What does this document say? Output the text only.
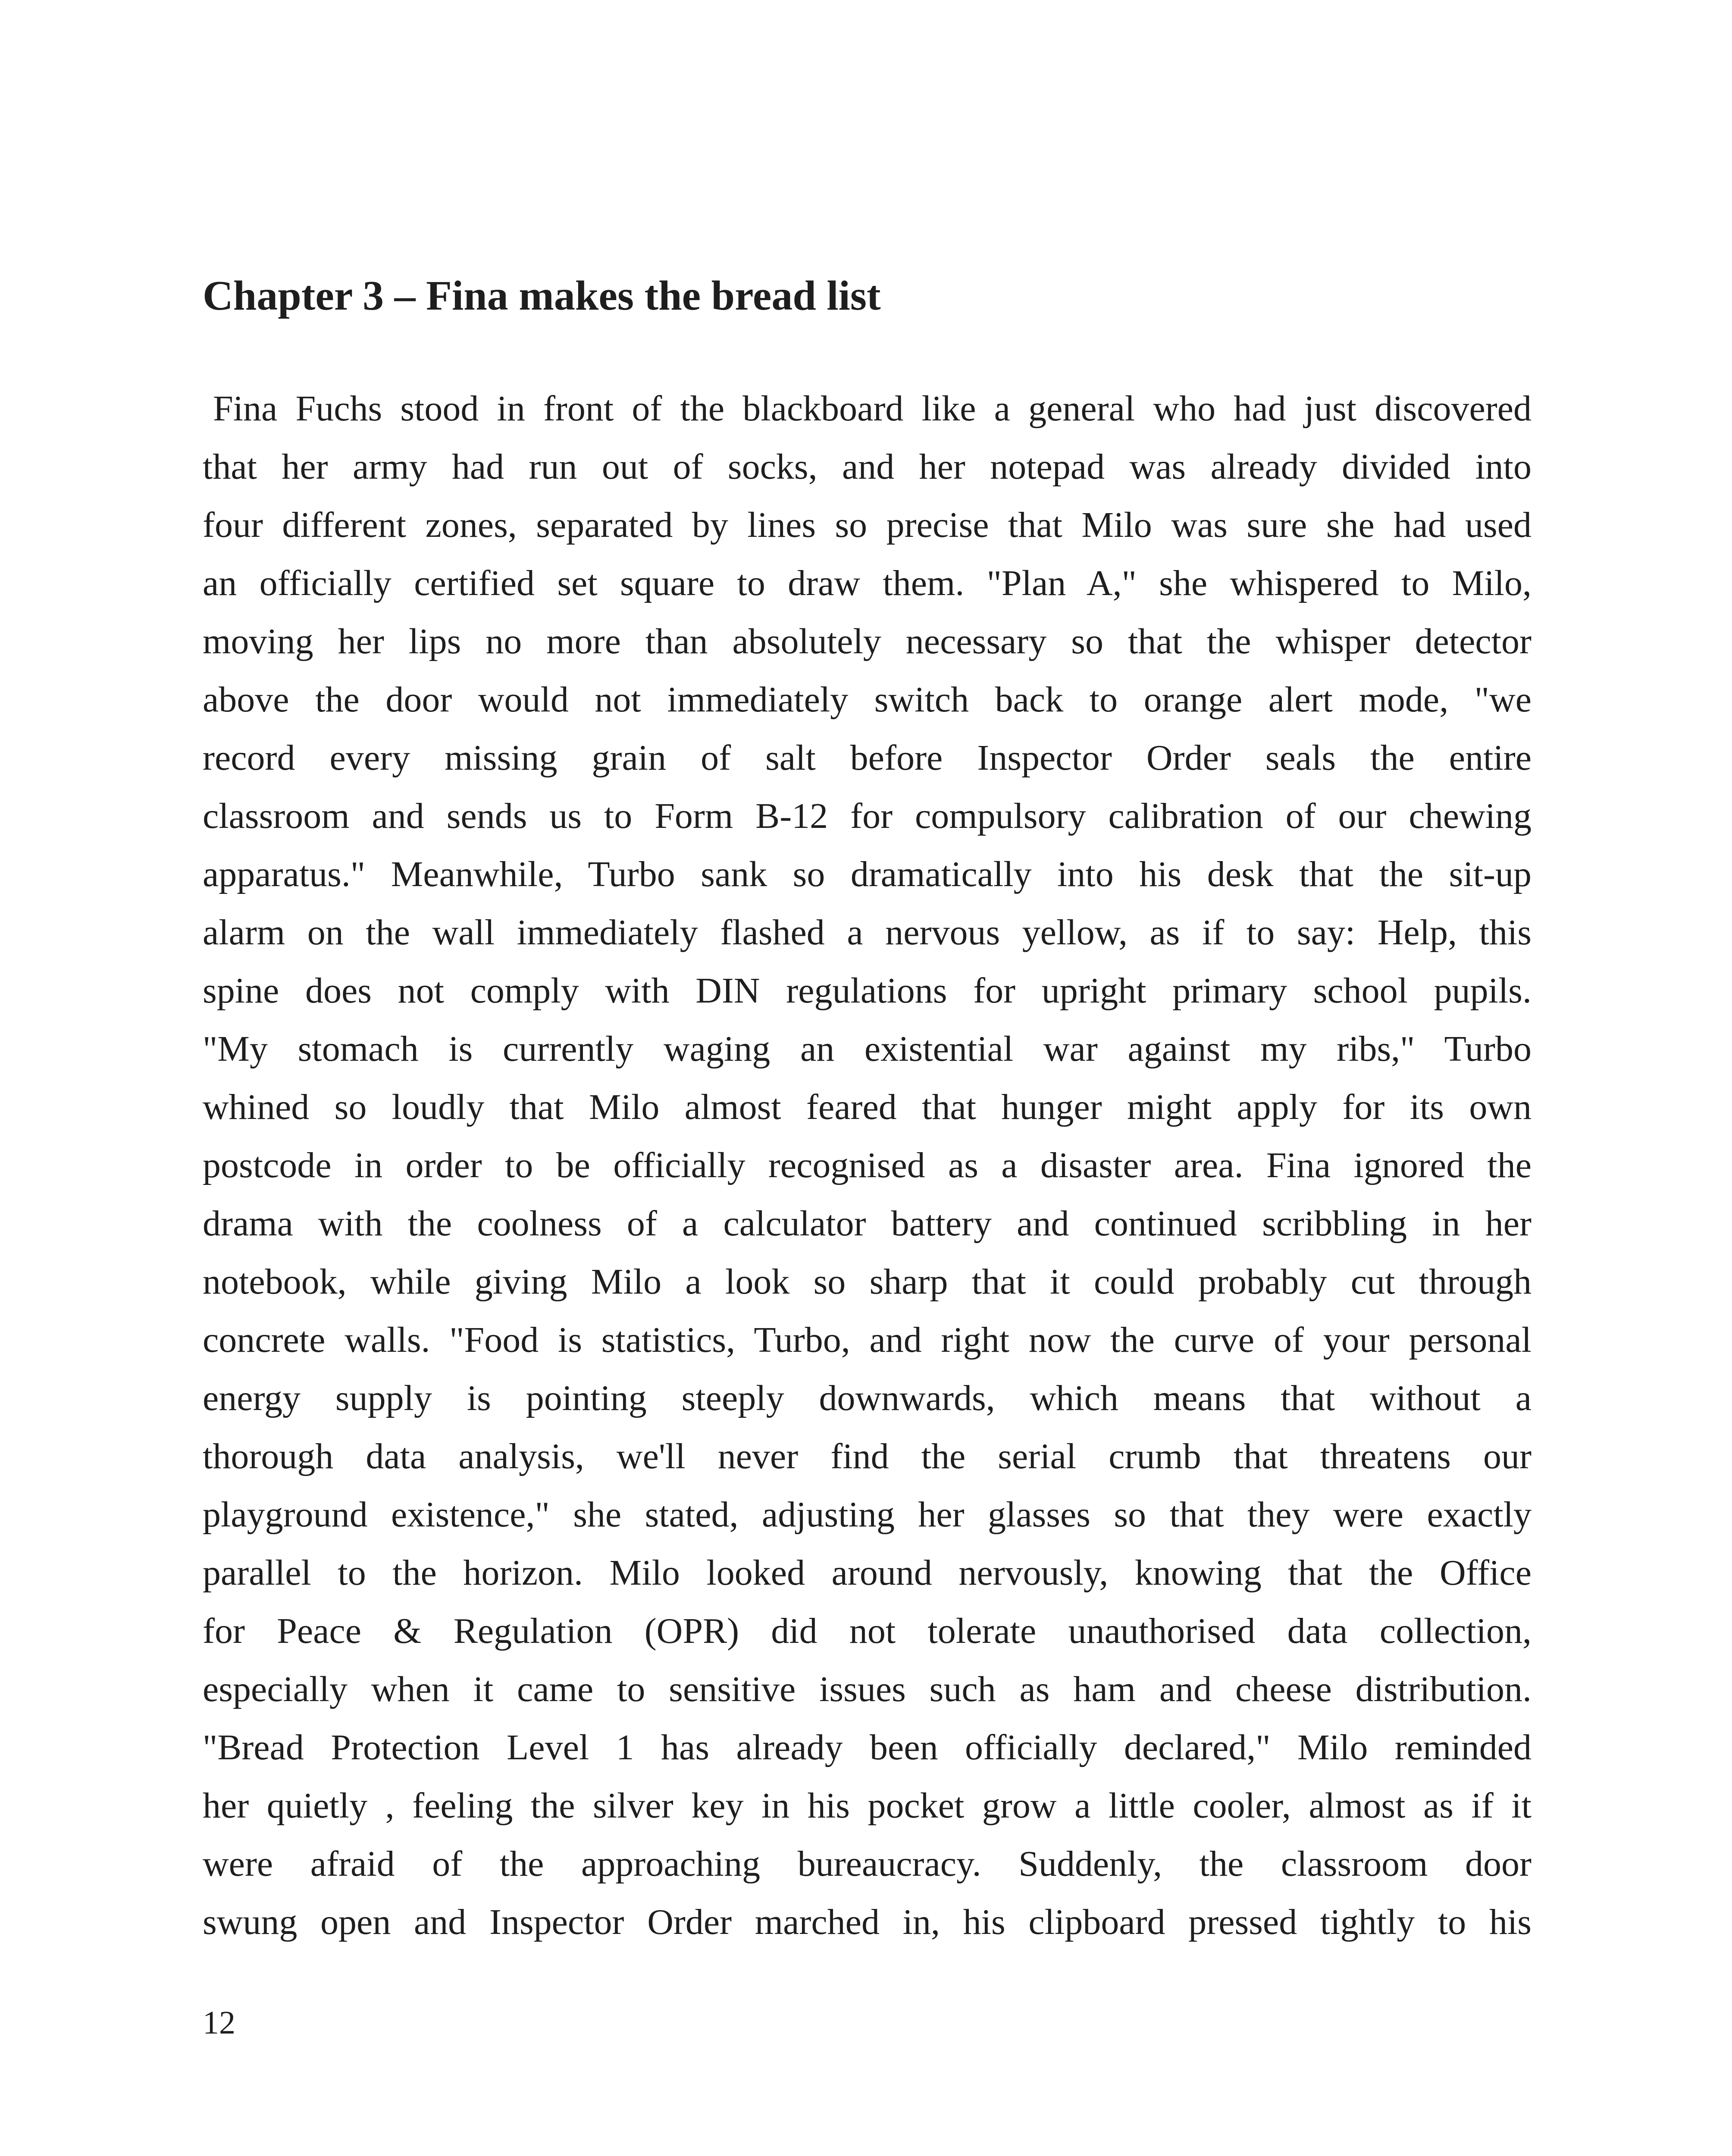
Chapter 3 – Fina makes the bread list
Fina Fuchs stood in front of the blackboard like a general who had just discovered
that her army had run out of socks, and her notepad was already divided into
four different zones, separated by lines so precise that Milo was sure she had used
an officially certified set square to draw them. "Plan A," she whispered to Milo,
moving her lips no more than absolutely necessary so that the whisper detector
above the door would not immediately switch back to orange alert mode, "we
record every missing grain of salt before Inspector Order seals the entire
classroom and sends us to Form B-12 for compulsory calibration of our chewing
apparatus." Meanwhile, Turbo sank so dramatically into his desk that the sit-up
alarm on the wall immediately flashed a nervous yellow, as if to say: Help, this
spine does not comply with DIN regulations for upright primary school pupils.
"My stomach is currently waging an existential war against my ribs," Turbo
whined so loudly that Milo almost feared that hunger might apply for its own
postcode in order to be officially recognised as a disaster area. Fina ignored the
drama with the coolness of a calculator battery and continued scribbling in her
notebook, while giving Milo a look so sharp that it could probably cut through
concrete walls. "Food is statistics, Turbo, and right now the curve of your personal
energy supply is pointing steeply downwards, which means that without a
thorough data analysis, we'll never find the serial crumb that threatens our
playground existence," she stated, adjusting her glasses so that they were exactly
parallel to the horizon. Milo looked around nervously, knowing that the Office
for Peace & Regulation (OPR) did not tolerate unauthorised data collection,
especially when it came to sensitive issues such as ham and cheese distribution.
"Bread Protection Level 1 has already been officially declared," Milo reminded
her quietly , feeling the silver key in his pocket grow a little cooler, almost as if it
were afraid of the approaching bureaucracy. Suddenly, the classroom door
swung open and Inspector Order marched in, his clipboard pressed tightly to his
12
